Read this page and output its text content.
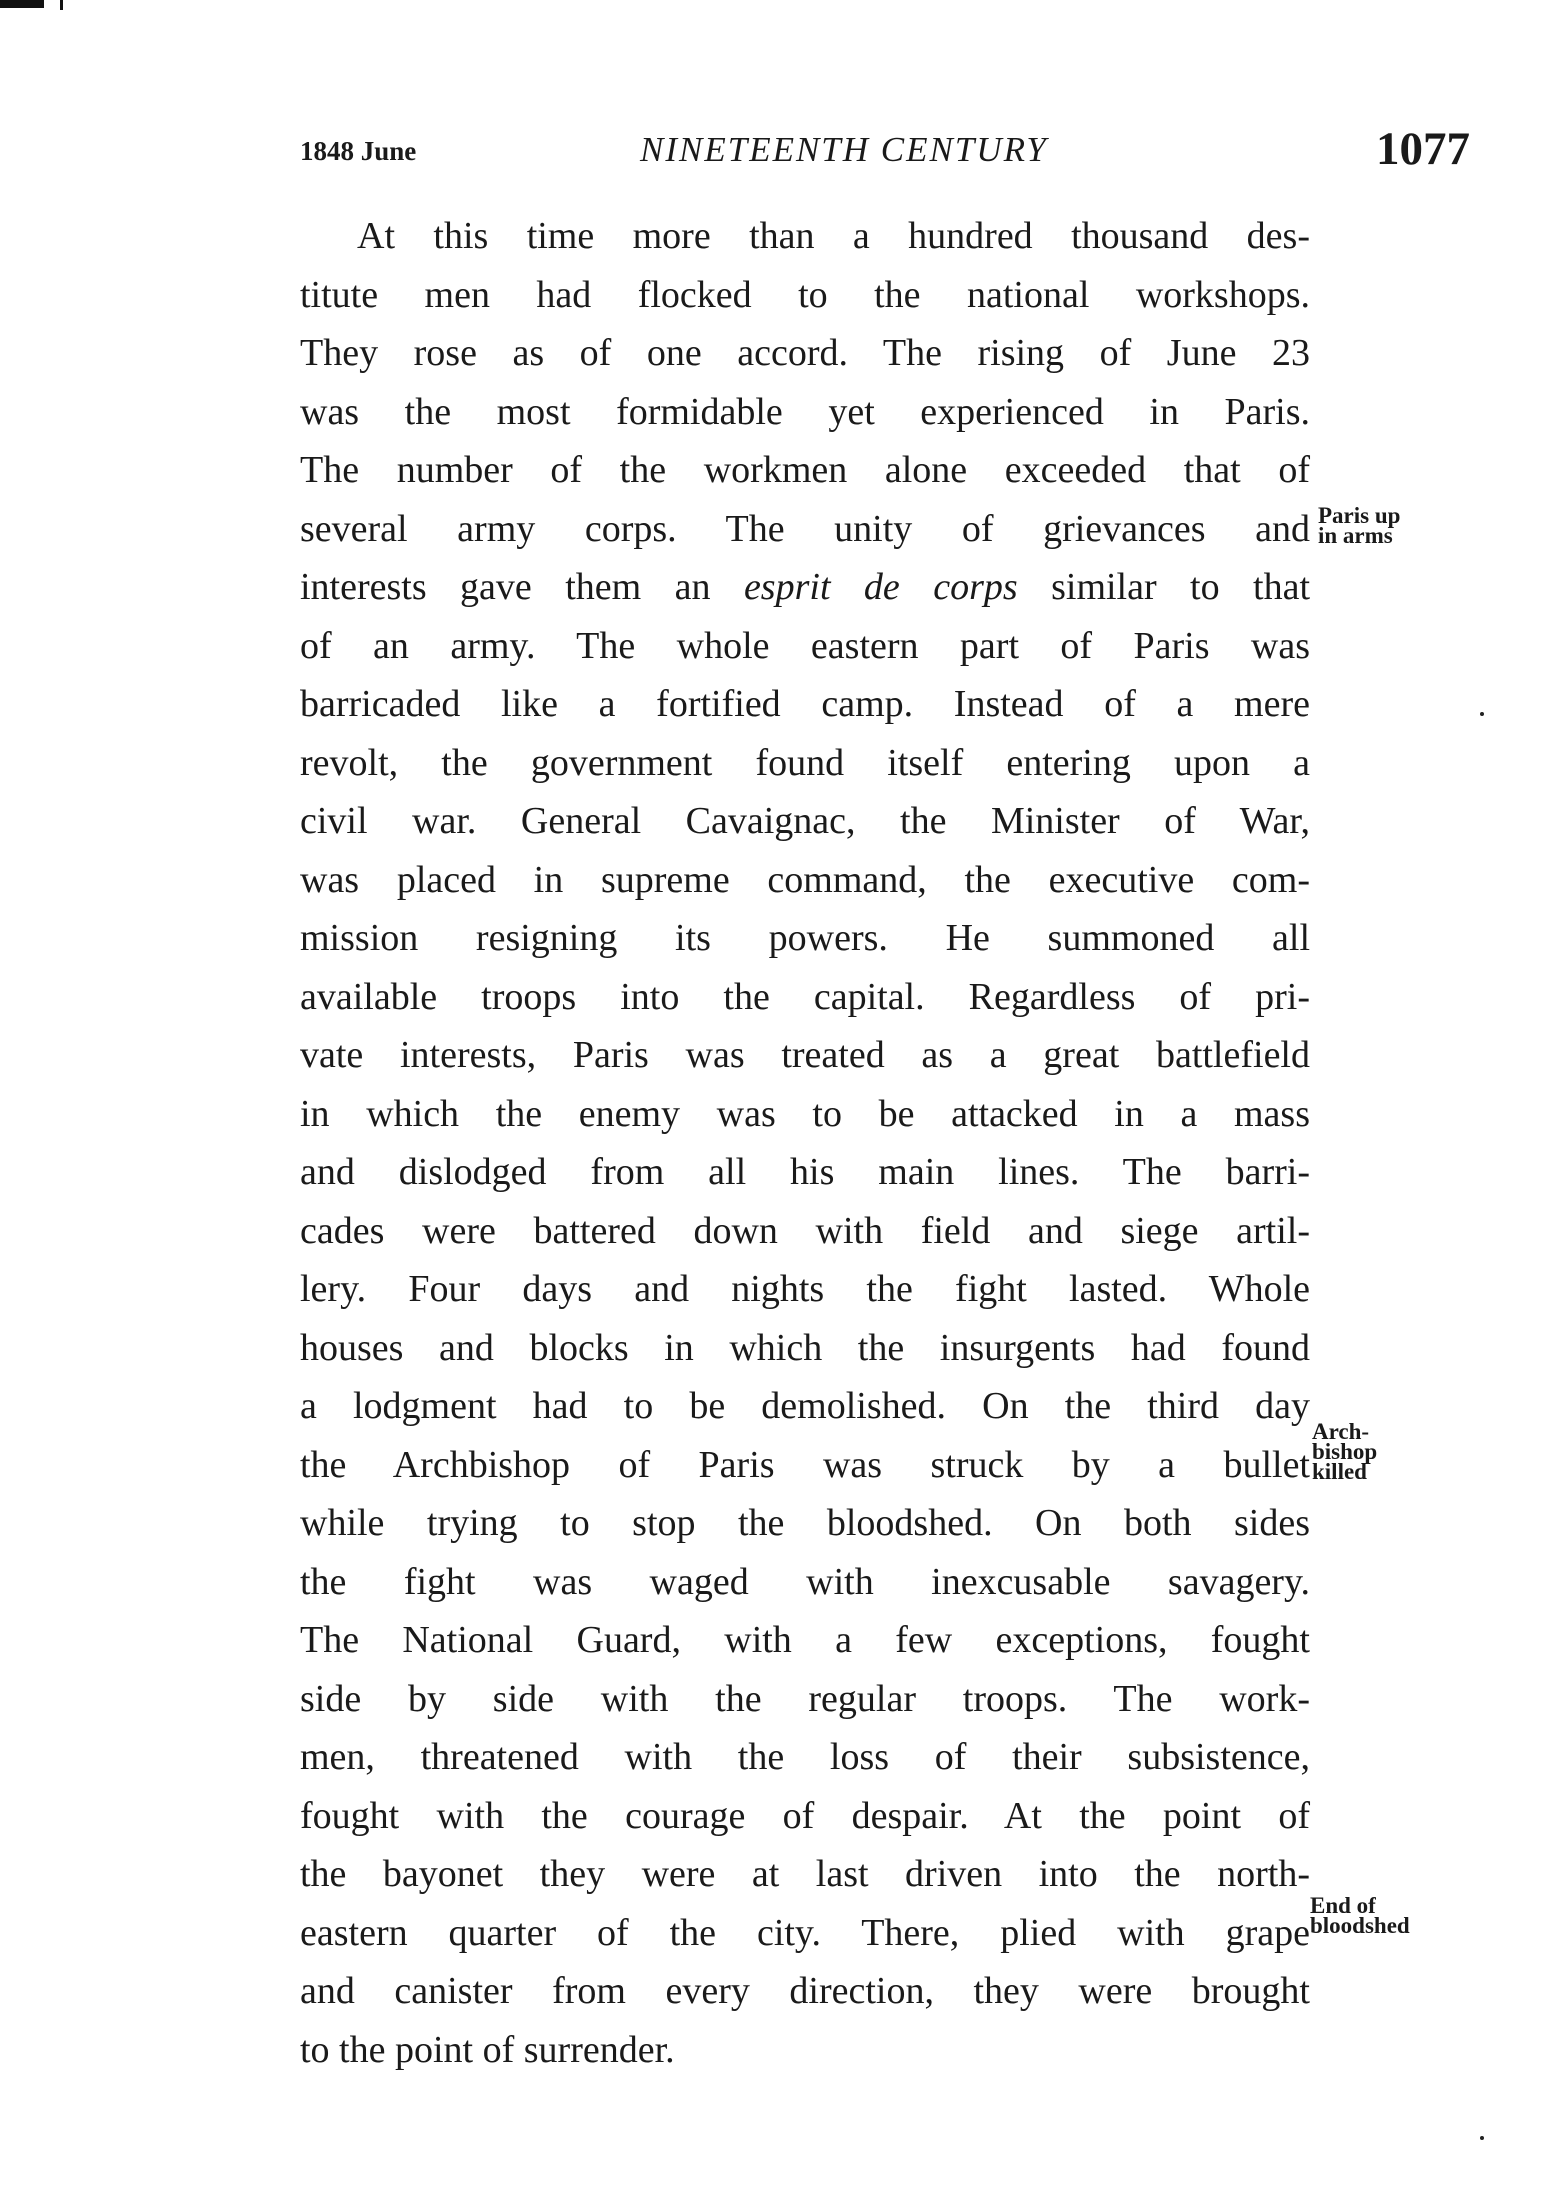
1848 June	NINETEENTH CENTURY	1077
At this time more than a hundred thousand des-
titute men had flocked to the national workshops.
They rose as of one accord. The rising of June 23
was the most formidable yet experienced in Paris.
The number of the workmen alone exceeded that of
several army corps. The unity of grievances and
interests gave them an esprit de corps similar to that
of an army. The whole eastern part of Paris was
barricaded like a fortified camp. Instead of a mere
revolt, the government found itself entering upon a
civil war. General Cavaignac, the Minister of War,
was placed in supreme command, the executive com-
mission resigning its powers. He summoned all
available troops into the capital. Regardless of pri-
vate interests, Paris was treated as a great battlefield
in which the enemy was to be attacked in a mass
and dislodged from all his main lines. The barri-
cades were battered down with field and siege artil-
lery. Four days and nights the fight lasted. Whole
houses and blocks in which the insurgents had found
a lodgment had to be demolished. On the third day
the Archbishop of Paris was struck by a bullet
while trying to stop the bloodshed. On both sides
the fight was waged with inexcusable savagery.
The National Guard, with a few exceptions, fought
side by side with the regular troops. The work-
men, threatened with the loss of their subsistence,
fought with the courage of despair. At the point of
the bayonet they were at last driven into the north-
eastern quarter of the city. There, plied with grape
and canister from every direction, they were brought
to the point of surrender.
Paris up
in arms
Arch-
bishop
killed
End of
bloodshed
